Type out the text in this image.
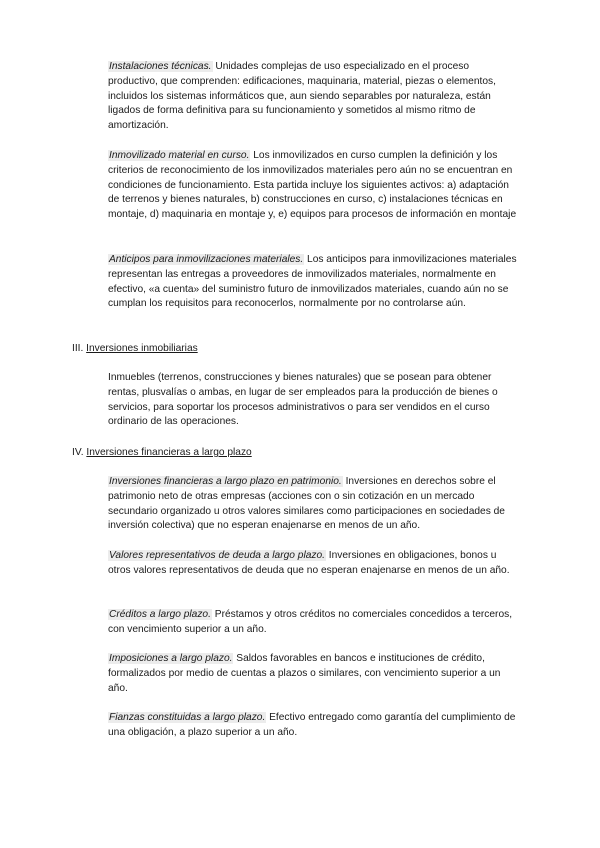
Instalaciones técnicas. Unidades complejas de uso especializado en el proceso productivo, que comprenden: edificaciones, maquinaria, material, piezas o elementos, incluidos los sistemas informáticos que, aun siendo separables por naturaleza, están ligados de forma definitiva para su funcionamiento y sometidos al mismo ritmo de amortización.

Inmovilizado material en curso. Los inmovilizados en curso cumplen la definición y los criterios de reconocimiento de los inmovilizados materiales pero aún no se encuentran en condiciones de funcionamiento. Esta partida incluye los siguientes activos: a) adaptación de terrenos y bienes naturales, b) construcciones en curso, c) instalaciones técnicas en montaje, d) maquinaria en montaje y, e) equipos para procesos de información en montaje

Anticipos para inmovilizaciones materiales. Los anticipos para inmovilizaciones materiales representan las entregas a proveedores de inmovilizados materiales, normalmente en efectivo, «a cuenta» del suministro futuro de inmovilizados materiales, cuando aún no se cumplan los requisitos para reconocerlos, normalmente por no controlarse aún.

III. Inversiones inmobiliarias

Inmuebles (terrenos, construcciones y bienes naturales) que se posean para obtener rentas, plusvalías o ambas, en lugar de ser empleados para la producción de bienes o servicios, para soportar los procesos administrativos o para ser vendidos en el curso ordinario de las operaciones.

IV. Inversiones financieras a largo plazo

Inversiones financieras a largo plazo en patrimonio. Inversiones en derechos sobre el patrimonio neto de otras empresas (acciones con o sin cotización en un mercado secundario organizado u otros valores similares como participaciones en sociedades de inversión colectiva) que no esperan enajenarse en menos de un año.

Valores representativos de deuda a largo plazo. Inversiones en obligaciones, bonos u otros valores representativos de deuda que no esperan enajenarse en menos de un año.

Créditos a largo plazo. Préstamos y otros créditos no comerciales concedidos a terceros, con vencimiento superior a un año.

Imposiciones a largo plazo. Saldos favorables en bancos e instituciones de crédito, formalizados por medio de cuentas a plazos o similares, con vencimiento superior a un año.

Fianzas constituidas a largo plazo. Efectivo entregado como garantía del cumplimiento de una obligación, a plazo superior a un año.
